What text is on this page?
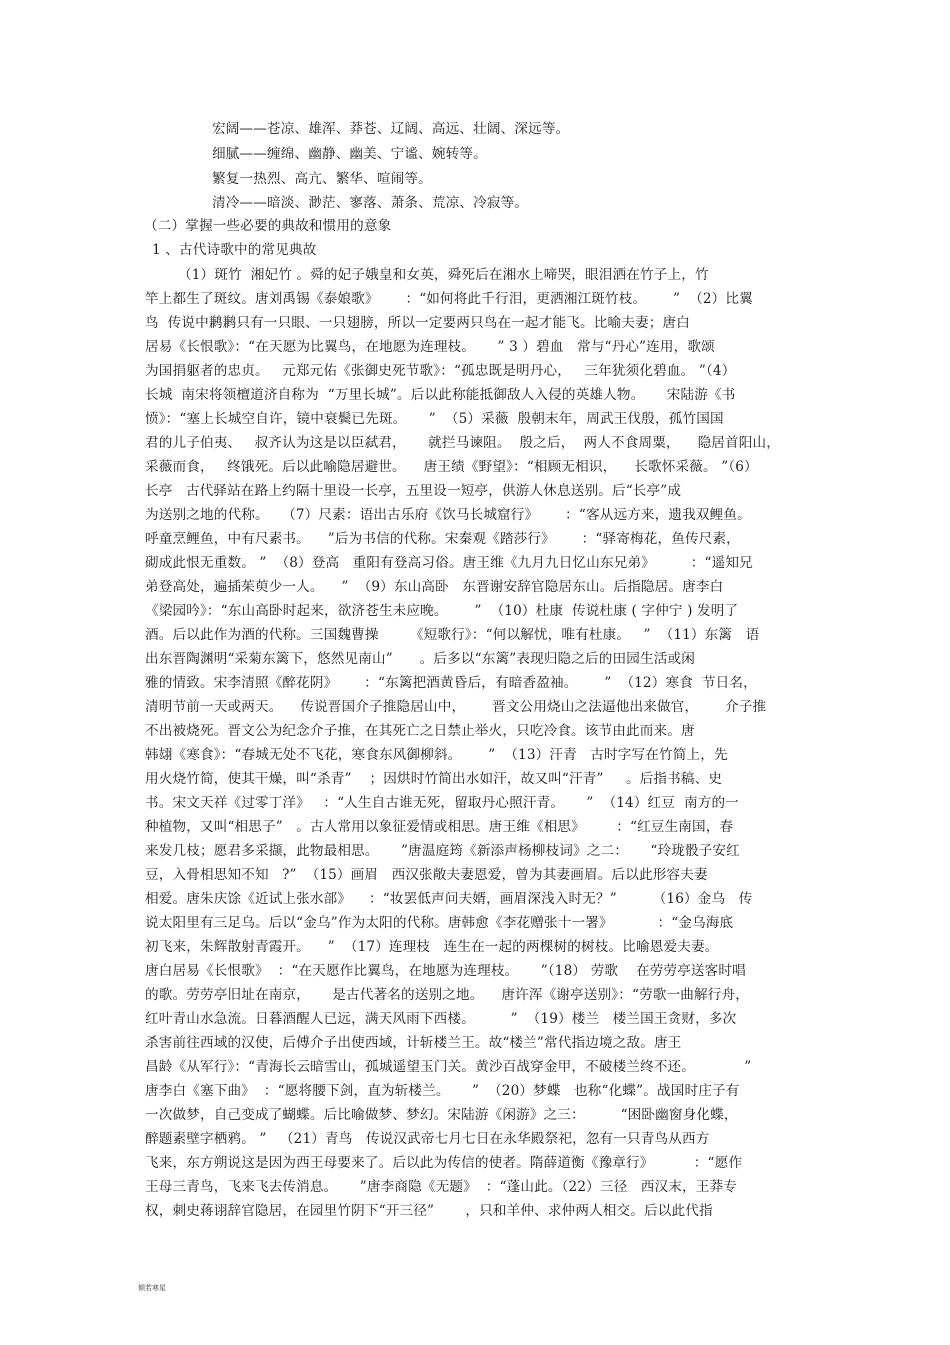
宏阔——苍凉、雄浑、莽苍、辽阔、高远、壮阔、深远等。
细腻——缠绵、幽静、幽美、宁谧、婉转等。
繁复一热烈、高亢、繁华、喧闹等。
清冷——暗淡、渺茫、寥落、萧条、荒凉、冷寂等。
（二）掌握一些必要的典故和惯用的意象
1 、古代诗歌中的常见典故
（1）斑竹  湘妃竹 。舜的妃子娥皇和女英，舜死后在湘水上啼哭，眼泪洒在竹子上，竹
竿上都生了斑纹。唐刘禹锡《泰娘歌》      ：“如何将此千行泪，更洒湘江斑竹枝。      ”  （2）比翼
鸟  传说中鹣鹣只有一只眼、一只翅膀，所以一定要两只鸟在一起才能飞。比喻夫妻；唐白
居易《长恨歌》：“在天愿为比翼鸟，在地愿为连理枝。     ” 3 ）碧血   常与“丹心”连用，歌颂
为国捐躯者的忠贞。   元郑元佑《张御史死节歌》：“孤忠既是明丹心，   三年犹须化碧血。 ”（4）
长城  南宋将领檀道济自称为  “万里长城”。后以此称能抵御敌人入侵的英雄人物。     宋陆游《书
愤》：“塞上长城空自许，镜中衰鬓已先斑。     ”  （5）采薇  殷朝末年，周武王伐殷，孤竹国国
君的儿子伯夷、   叔齐认为这是以臣弑君，     就拦马谏阻。  殷之后，  两人不食周粟，    隐居首阳山，
采薇而食，   终饿死。后以此喻隐居避世。    唐王绩《野望》：“相顾无相识，    长歌怀采薇。 ”（6）
长亭   古代驿站在路上约隔十里设一长亭，五里设一短亭，供游人休息送别。后“长亭”成
为送别之地的代称。   （7）尺素：语出古乐府《饮马长城窟行》      ：“客从远方来，遗我双鲤鱼。
呼童烹鲤鱼，中有尺素书。    ”后为书信的代称。宋秦观《踏莎行》      ：“驿寄梅花，鱼传尺素，
砌成此恨无重数。 ”  （8）登高   重阳有登高习俗。唐王维《九月九日忆山东兄弟》        ：“遥知兄
弟登高处，遍插茱萸少一人。    ”  （9）东山高卧   东晋谢安辞官隐居东山。后指隐居。唐李白
《梁园吟》：“东山高卧时起来，欲济苍生未应晚。      ”  （10）杜康  传说杜康 ( 字仲宁 ) 发明了
酒。后以此作为酒的代称。三国魏曹操       《短歌行》：“何以解忧，唯有杜康。   ”  （11）东篱   语
出东晋陶渊明“采菊东篱下，悠然见南山”      。后多以“东篱”表现归隐之后的田园生活或闲
雅的情致。宋李清照《醉花阴》      ：“东篱把酒黄昏后，有暗香盈袖。      ”  （12）寒食  节日名，
清明节前一天或两天。    传说晋国介子推隐居山中，      晋文公用烧山之法逼他出来做官，      介子推
不出被烧死。晋文公为纪念介子推，在其死亡之日禁止举火，只吃冷食。该节由此而来。唐
韩翃《寒食》：“春城无处不飞花，寒食东风御柳斜。      ”  （13）汗青   古时字写在竹简上，先
用火烧竹简，使其干燥，叫“杀青”    ；因烘时竹简出水如汗，故又叫“汗青”     。后指书稿、史
书。宋文天祥《过零丁洋》   ：“人生自古谁无死，留取丹心照汗青。     ”  （14）红豆  南方的一
种植物，又叫“相思子”   。古人常用以象征爱情或相思。唐王维《相思》       ：“红豆生南国，春
来发几枝；愿君多采撷，此物最相思。     ”唐温庭筠《新添声杨柳枝词》之二：     “玲珑骰子安红
豆，入骨相思知不知   ?”  （15）画眉   西汉张敞夫妻恩爱，曾为其妻画眉。后以此形容夫妻
相爱。唐朱庆馀《近试上张水部》    ：“妆罢低声问夫婿，画眉深浅入时无？”        （16）金乌   传
说太阳里有三足乌。后以“金乌”作为太阳的代称。唐韩愈《李花赠张十一署》          ：“金乌海底
初飞来，朱辉散射青霞开。    ”  （17）连理枝   连生在一起的两棵树的树枝。比喻恩爱夫妻。
唐白居易《长恨歌》  ：“在天愿作比翼鸟，在地愿为连理枝。     ”（18） 劳歌    在劳劳亭送客时唱
的歌。劳劳亭旧址在南京，     是古代著名的送别之地。    唐许浑《谢亭送别》：“劳歌一曲解行舟，
红叶青山水急流。日暮酒醒人已远，满天风雨下西楼。        ”  （19）楼兰   楼兰国王贪财，多次
杀害前往西域的汉使，后傅介子出使西域，计斩楼兰王。故“楼兰”常代指边境之敌。唐王
昌龄《从军行》：“青海长云暗雪山，孤城遥望玉门关。黄沙百战穿金甲，不破楼兰终不还。           ”
唐李白《塞下曲》  ：“愿将腰下剑，直为斩楼兰。     ”  （20）梦蝶   也称“化蝶”。战国时庄子有
一次做梦，自己变成了蝴蝶。后比喻做梦、梦幻。宋陆游《闲游》之三：        “困卧幽窗身化蝶，
醉题素壁字栖鸦。 ”   （21）青鸟   传说汉武帝七月七日在永华殿祭祀，忽有一只青鸟从西方
飞来，东方朔说这是因为西王母要来了。后以此为传信的使者。隋薛道衡《豫章行》         ：“愿作
王母三青鸟，飞来飞去传消息。     ”唐李商隐《无题》  ：“蓬山此。（22）三径   西汉末，王莽专
权，刺史蒋诩辞官隐居，在园里竹阴下“开三径”       ，只和羊仲、求仲两人相交。后以此代指
倾若寒星
